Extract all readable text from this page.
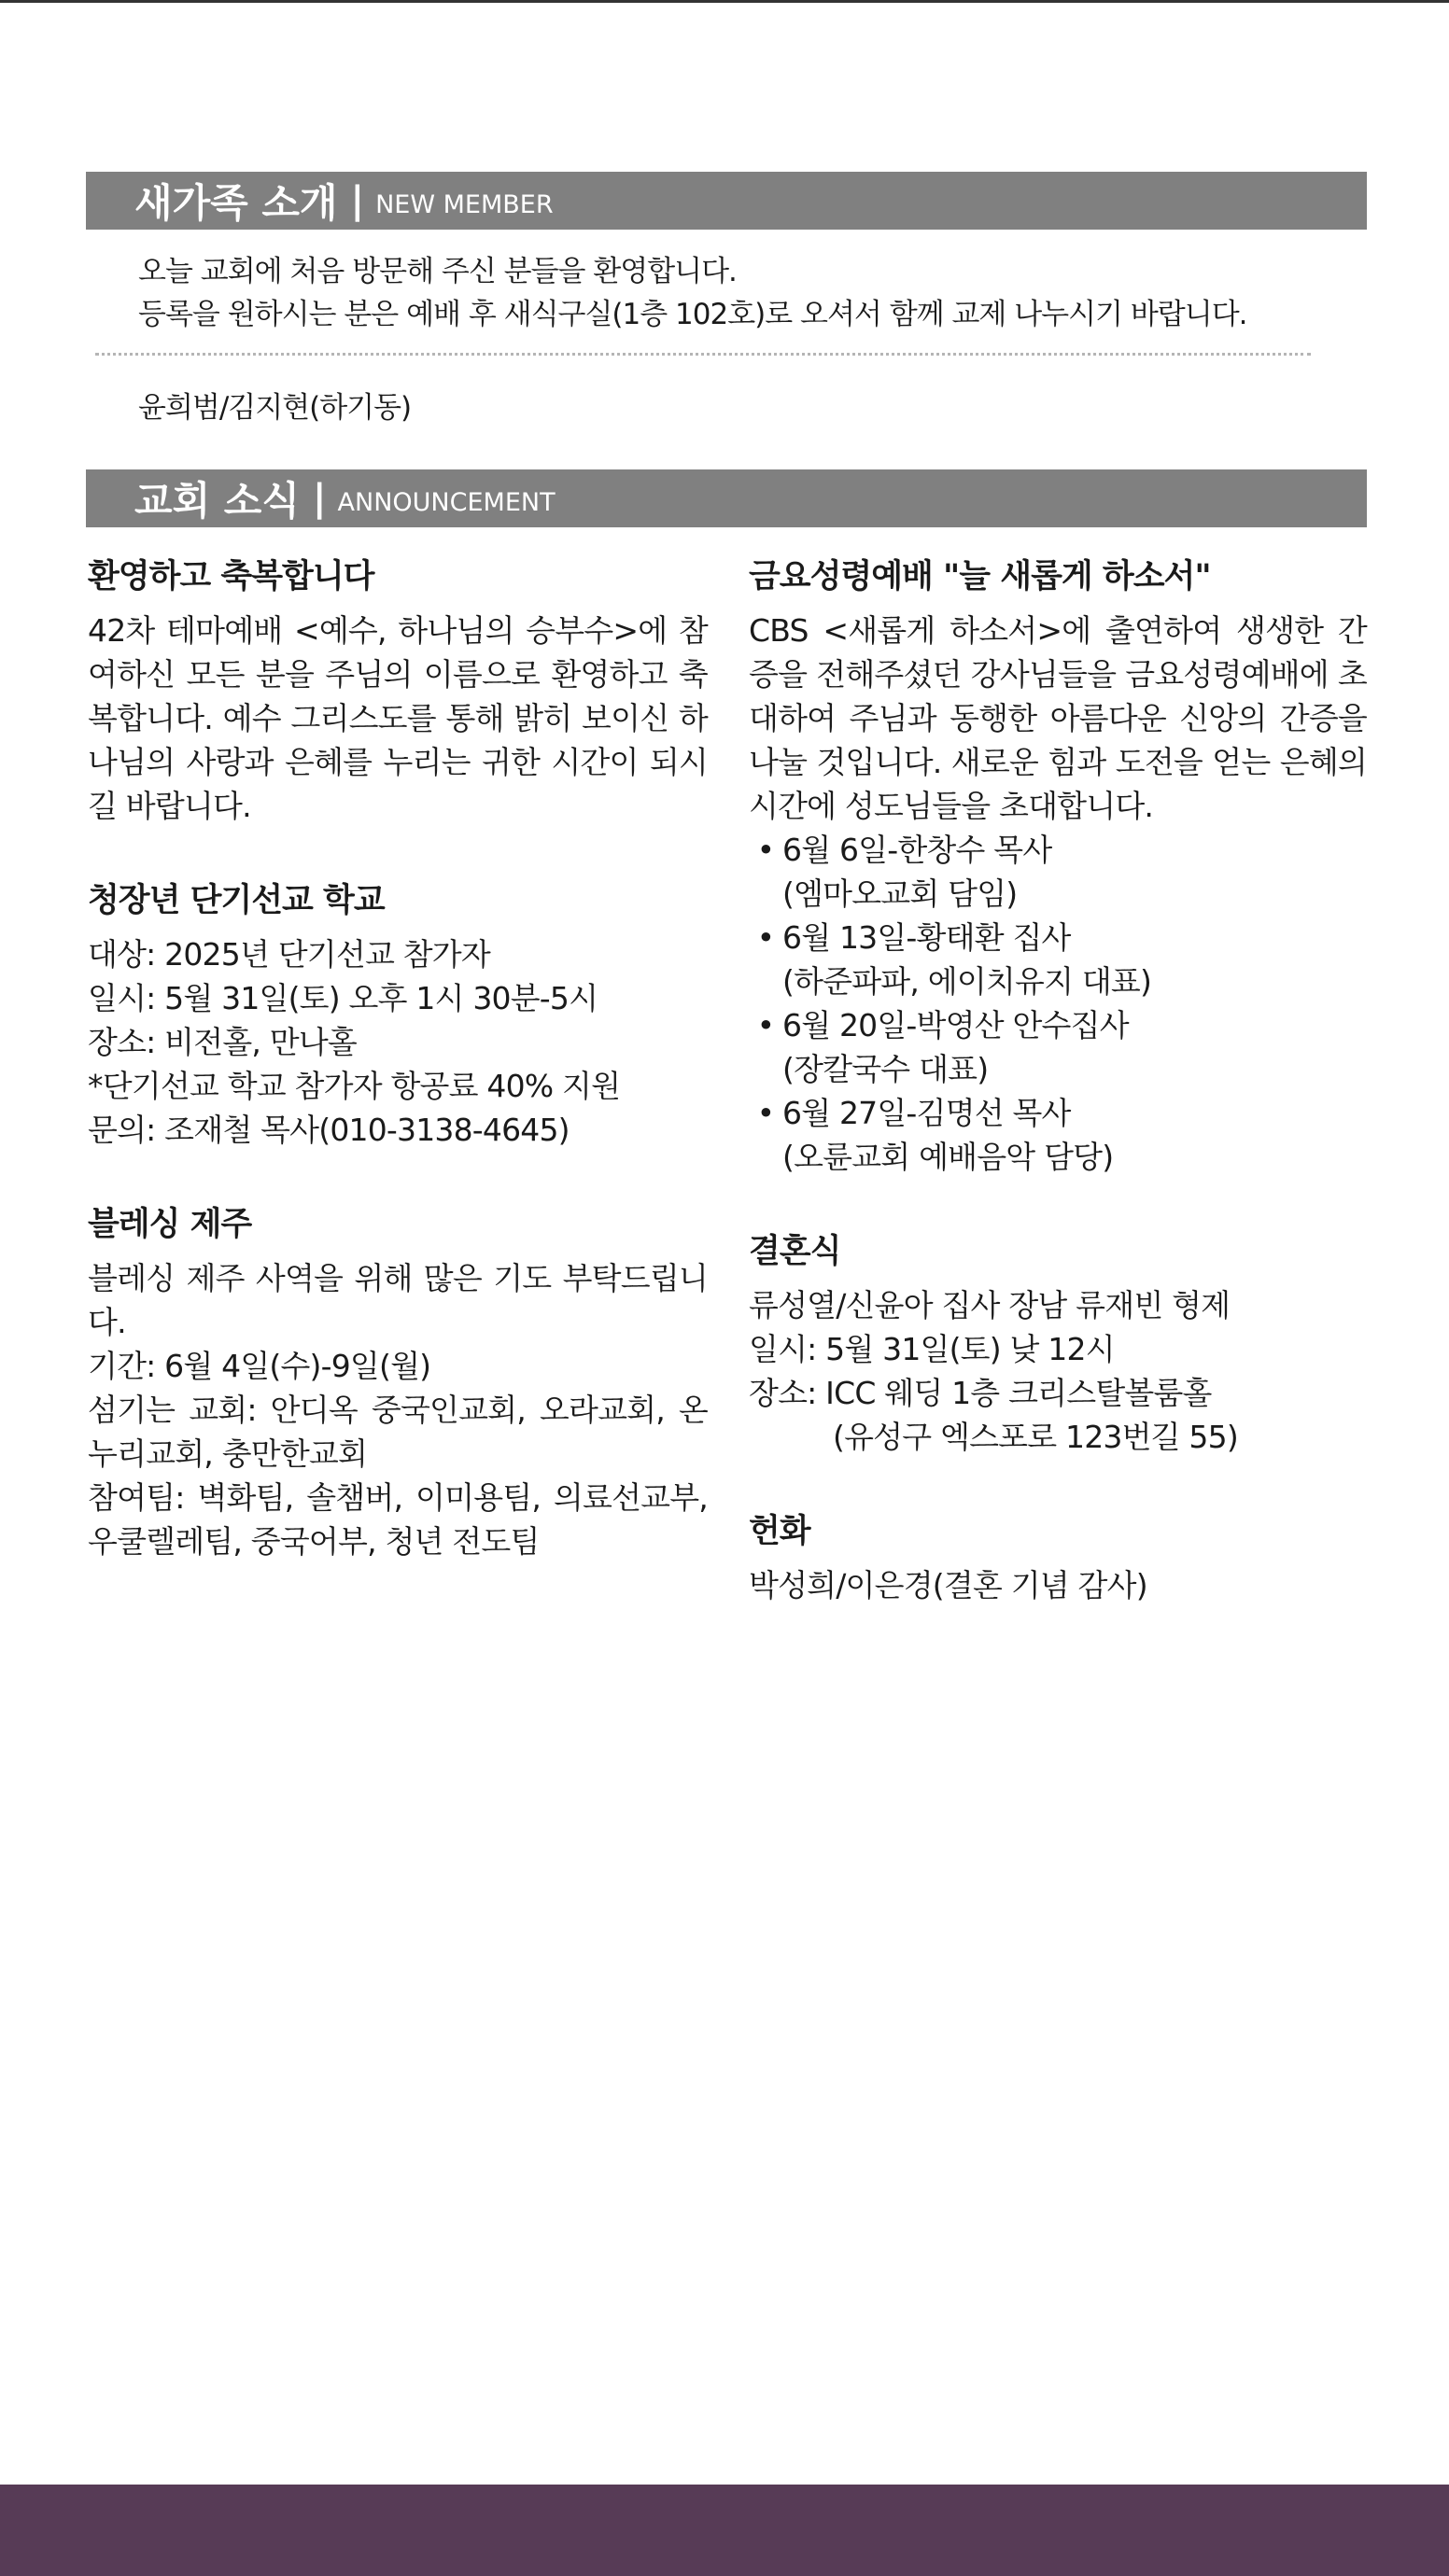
새가족 소개 | NEW MEMBER
오늘 교회에 처음 방문해 주신 분들을 환영합니다.
등록을 원하시는 분은 예배 후 새식구실(1층 102호)로 오셔서 함께 교제 나누시기 바랍니다.
윤희범/김지현(하기동)
교회 소식 | ANNOUNCEMENT
환영하고 축복합니다
42차 테마예배 <예수, 하나님의 승부수>에 참여하신 모든 분을 주님의 이름으로 환영하고 축복합니다. 예수 그리스도를 통해 밝히 보이신 하나님의 사랑과 은혜를 누리는 귀한 시간이 되시길 바랍니다.
청장년 단기선교 학교
대상: 2025년 단기선교 참가자
일시: 5월 31일(토) 오후 1시 30분-5시
장소: 비전홀, 만나홀
*단기선교 학교 참가자 항공료 40% 지원
문의: 조재철 목사(010-3138-4645)
블레싱 제주
블레싱 제주 사역을 위해 많은 기도 부탁드립니다.
기간: 6월 4일(수)-9일(월)
섬기는 교회: 안디옥 중국인교회, 오라교회, 온누리교회, 충만한교회
참여팀: 벽화팀, 솔챔버, 이미용팀, 의료선교부, 우쿨렐레팀, 중국어부, 청년 전도팀
금요성령예배 "늘 새롭게 하소서"
CBS <새롭게 하소서>에 출연하여 생생한 간증을 전해주셨던 강사님들을 금요성령예배에 초대하여 주님과 동행한 아름다운 신앙의 간증을 나눌 것입니다. 새로운 힘과 도전을 얻는 은혜의 시간에 성도님들을 초대합니다.
• 6월 6일-한창수 목사
(엠마오교회 담임)
• 6월 13일-황태환 집사
(하준파파, 에이치유지 대표)
• 6월 20일-박영산 안수집사
(장칼국수 대표)
• 6월 27일-김명선 목사
(오륜교회 예배음악 담당)
결혼식
류성열/신윤아 집사 장남 류재빈 형제
일시: 5월 31일(토) 낮 12시
장소: ICC 웨딩 1층 크리스탈볼룸홀
(유성구 엑스포로 123번길 55)
헌화
박성희/이은경(결혼 기념 감사)
